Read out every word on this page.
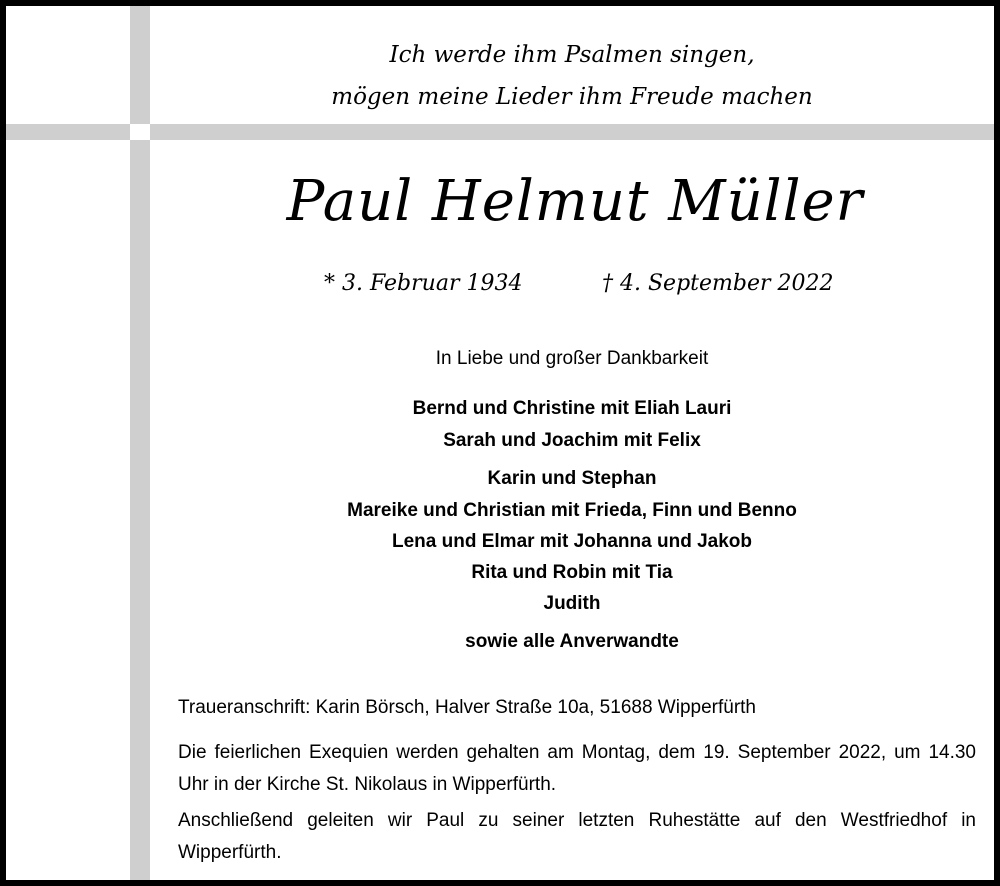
Ich werde ihm Psalmen singen,
mögen meine Lieder ihm Freude machen
Paul Helmut Müller
* 3. Februar 1934	† 4. September 2022
In Liebe und großer Dankbarkeit
Bernd und Christine mit Eliah Lauri
Sarah und Joachim mit Felix
Karin und Stephan
Mareike und Christian mit Frieda, Finn und Benno
Lena und Elmar mit Johanna und Jakob
Rita und Robin mit Tia
Judith
sowie alle Anverwandte
Traueranschrift: Karin Börsch, Halver Straße 10a, 51688 Wipperfürth
Die feierlichen Exequien werden gehalten am Montag, dem 19. September 2022, um 14.30 Uhr in der Kirche St. Nikolaus in Wipperfürth.
Anschließend geleiten wir Paul zu seiner letzten Ruhestätte auf den Westfriedhof in Wipperfürth.
